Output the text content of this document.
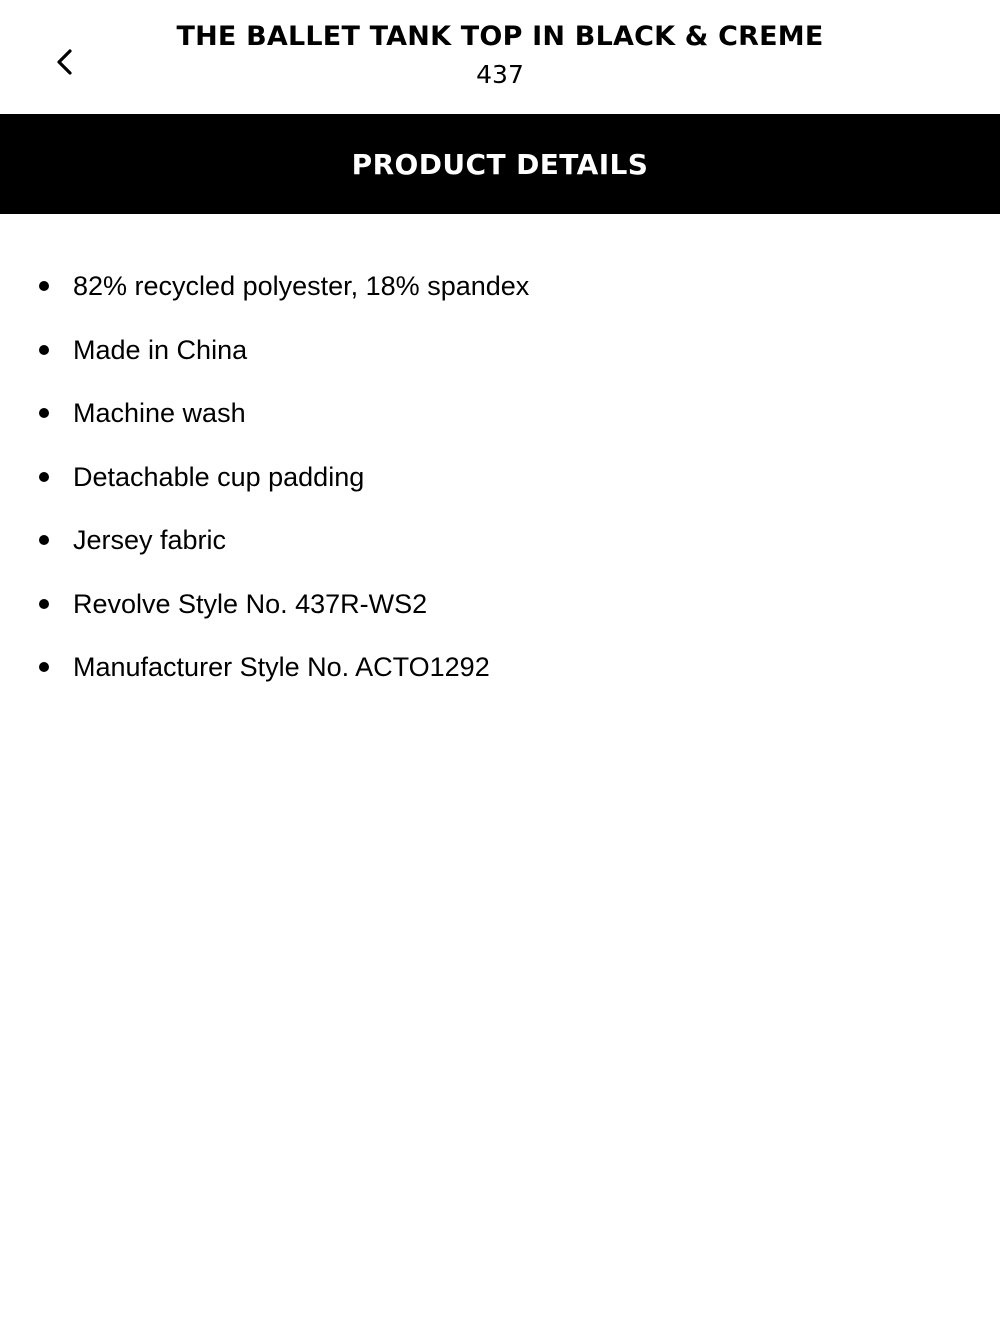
THE BALLET TANK TOP IN BLACK & CREME
437
PRODUCT DETAILS
82% recycled polyester, 18% spandex
Made in China
Machine wash
Detachable cup padding
Jersey fabric
Revolve Style No. 437R-WS2
Manufacturer Style No. ACTO1292
